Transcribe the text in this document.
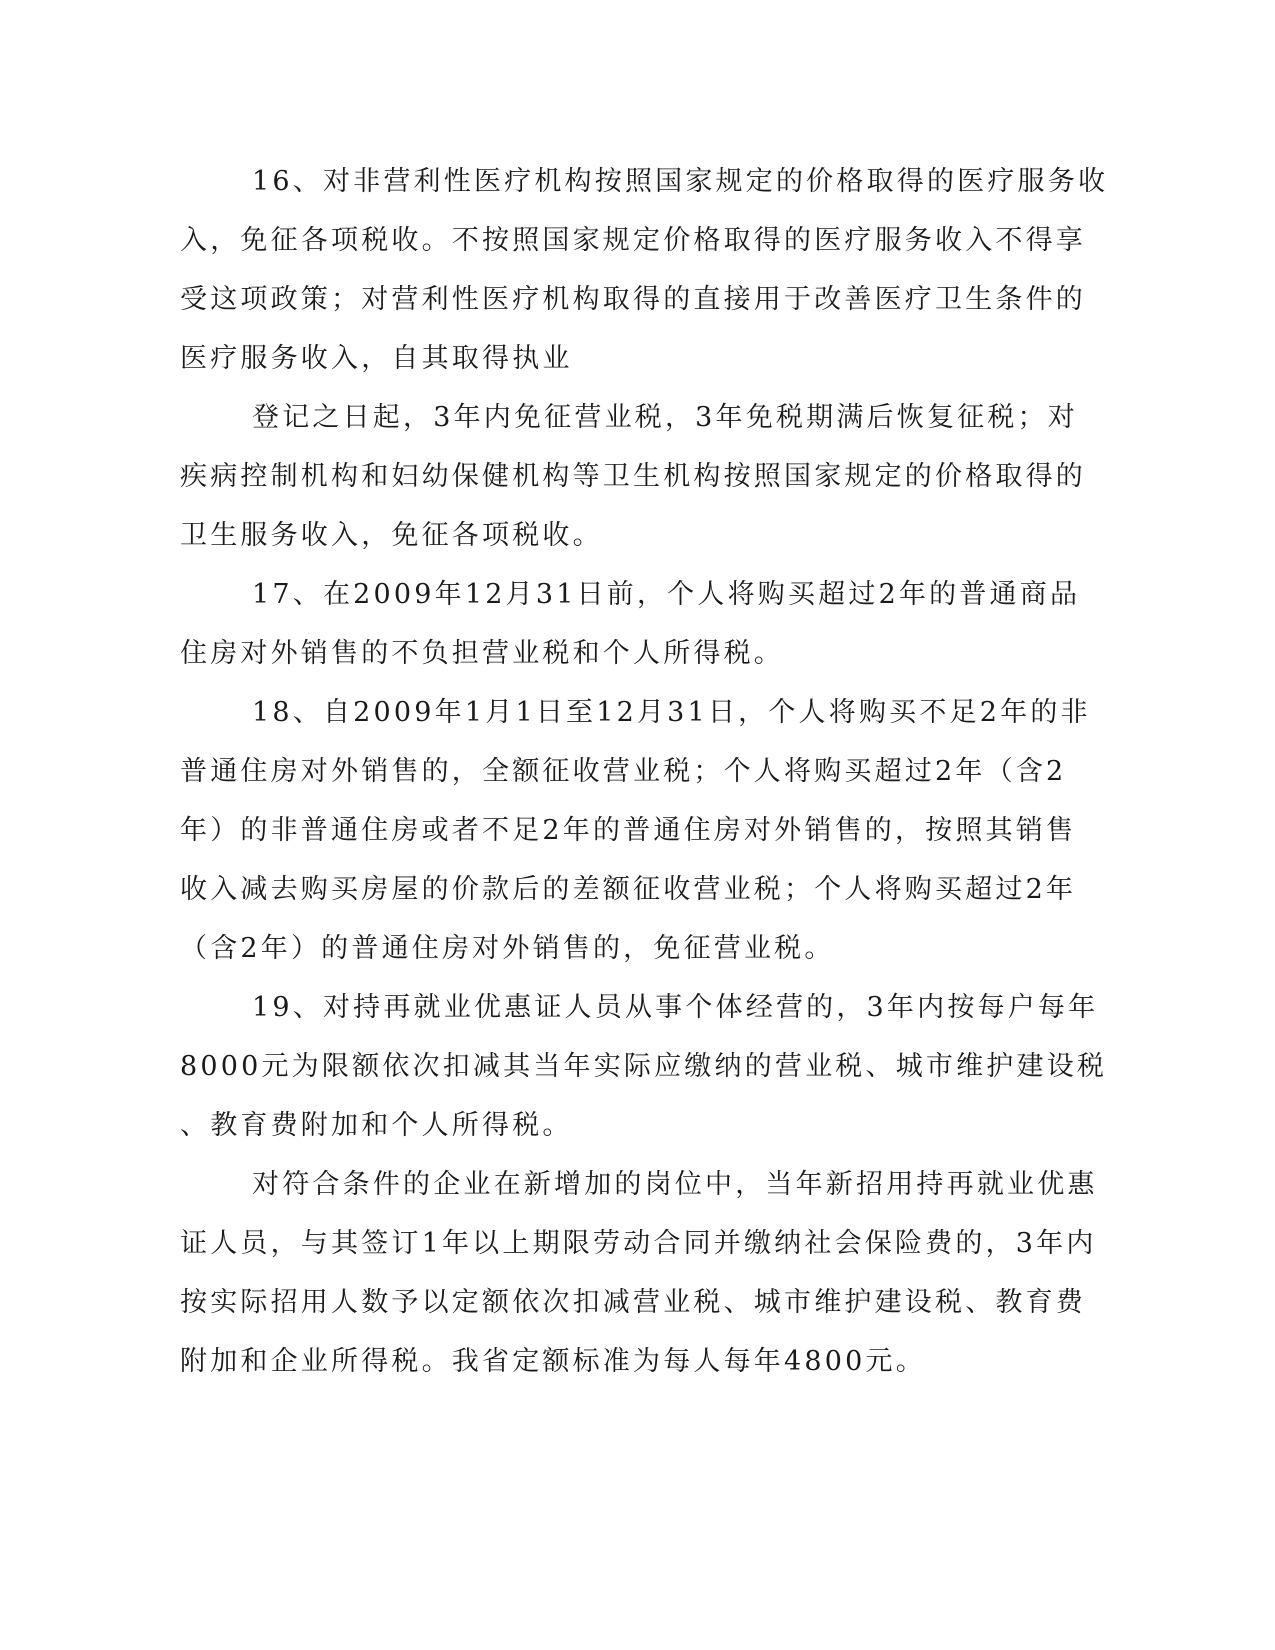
16、对非营利性医疗机构按照国家规定的价格取得的医疗服务收
入，免征各项税收。不按照国家规定价格取得的医疗服务收入不得享
受这项政策；对营利性医疗机构取得的直接用于改善医疗卫生条件的
医疗服务收入，自其取得执业
登记之日起，3年内免征营业税，3年免税期满后恢复征税；对
疾病控制机构和妇幼保健机构等卫生机构按照国家规定的价格取得的
卫生服务收入，免征各项税收。
17、在2009年12月31日前，个人将购买超过2年的普通商品
住房对外销售的不负担营业税和个人所得税。
18、自2009年1月1日至12月31日，个人将购买不足2年的非
普通住房对外销售的，全额征收营业税；个人将购买超过2年（含2
年）的非普通住房或者不足2年的普通住房对外销售的，按照其销售
收入减去购买房屋的价款后的差额征收营业税；个人将购买超过2年
（含2年）的普通住房对外销售的，免征营业税。
19、对持再就业优惠证人员从事个体经营的，3年内按每户每年
8000元为限额依次扣减其当年实际应缴纳的营业税、城市维护建设税
、教育费附加和个人所得税。
对符合条件的企业在新增加的岗位中，当年新招用持再就业优惠
证人员，与其签订1年以上期限劳动合同并缴纳社会保险费的，3年内
按实际招用人数予以定额依次扣减营业税、城市维护建设税、教育费
附加和企业所得税。我省定额标准为每人每年4800元。
